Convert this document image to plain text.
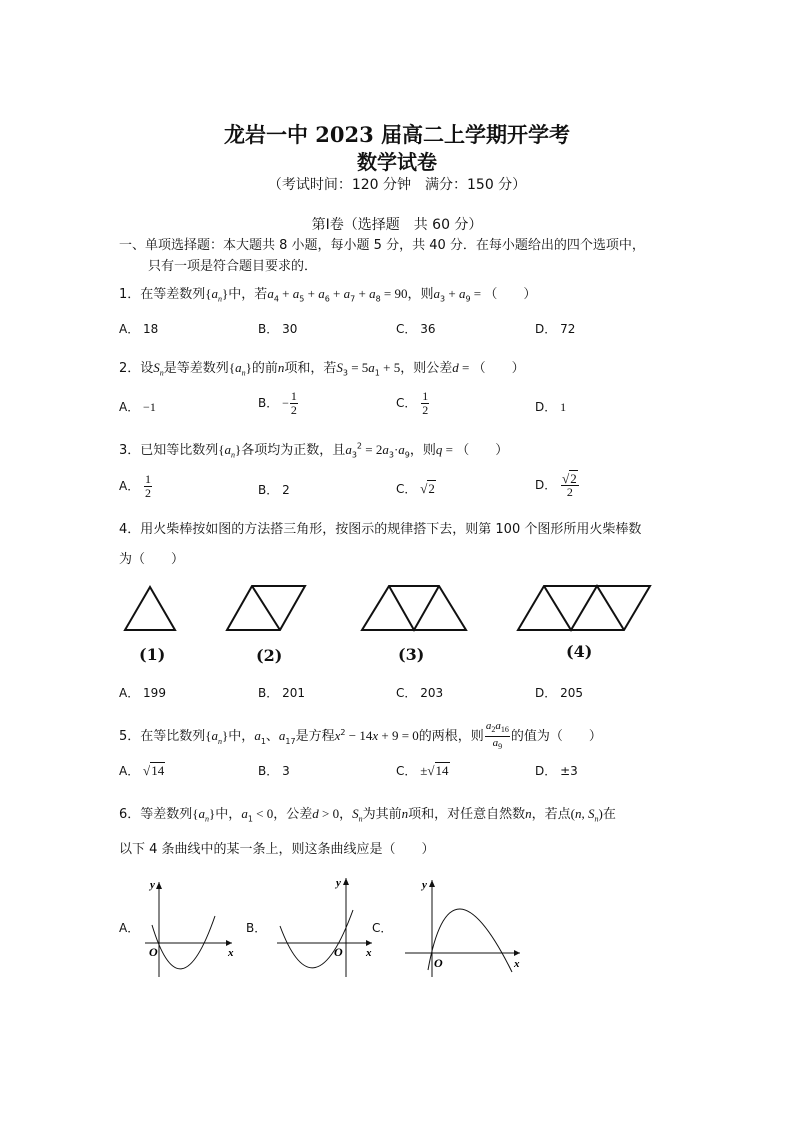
龙岩一中 2023 届高二上学期开学考
数学试卷
（考试时间：120 分钟　满分：150 分）
第Ⅰ卷（选择题　共 60 分）
一、单项选择题：本大题共 8 小题，每小题 5 分，共 40 分．在每小题给出的四个选项中，
只有一项是符合题目要求的．
1．在等差数列$\{a_n\}$中，若$a_4 + a_5 + a_6 + a_7 + a_8 = 90$，则$a_3 + a_9$ = （　　）
A． 18	B． 30	C． 36	D． 72
2．设$S_n$是等差数列$\{a_n\}$的前n项和，若$S_3 = 5a_1 + 5$，则公差d = （　　）
A． −1	B． − $\frac{1}{2}$	C． $\frac{1}{2}$	D． 1
3．已知等比数列$\{a_n\}$各项均为正数，且$a_3^2 = 2a_3\cdot a_9$，则q = （　　）
A． $\frac{1}{2}$	B． 2	C． √2	D． $\frac{√2}{2}$
4．用火柴棒按如图的方法搭三角形，按图示的规律搭下去，则第 100 个图形所用火柴棒数
为（　　）
(1)	(2)	(3)	(4)
A． 199	B． 201	C． 203	D． 205
5．在等比数列$\{a_n\}$中，$a_1$、$a_{17}$是方程$x^2 - 14x + 9 = 0$的两根，则 $\frac{a_2a_{16}}{a_9}$ 的值为（　　）
A． √14	B． 3	C． ±√14	D． ±3
6．等差数列$\{a_n\}$中，$a_1 < 0$，公差d > 0，$S_n$为其前n项和，对任意自然数n，若点(n, $S_n$)在
以下 4 条曲线中的某一条上，则这条曲线应是（　　）
A．
y
x
O
B．
y
x
O
C．
y
x
O
